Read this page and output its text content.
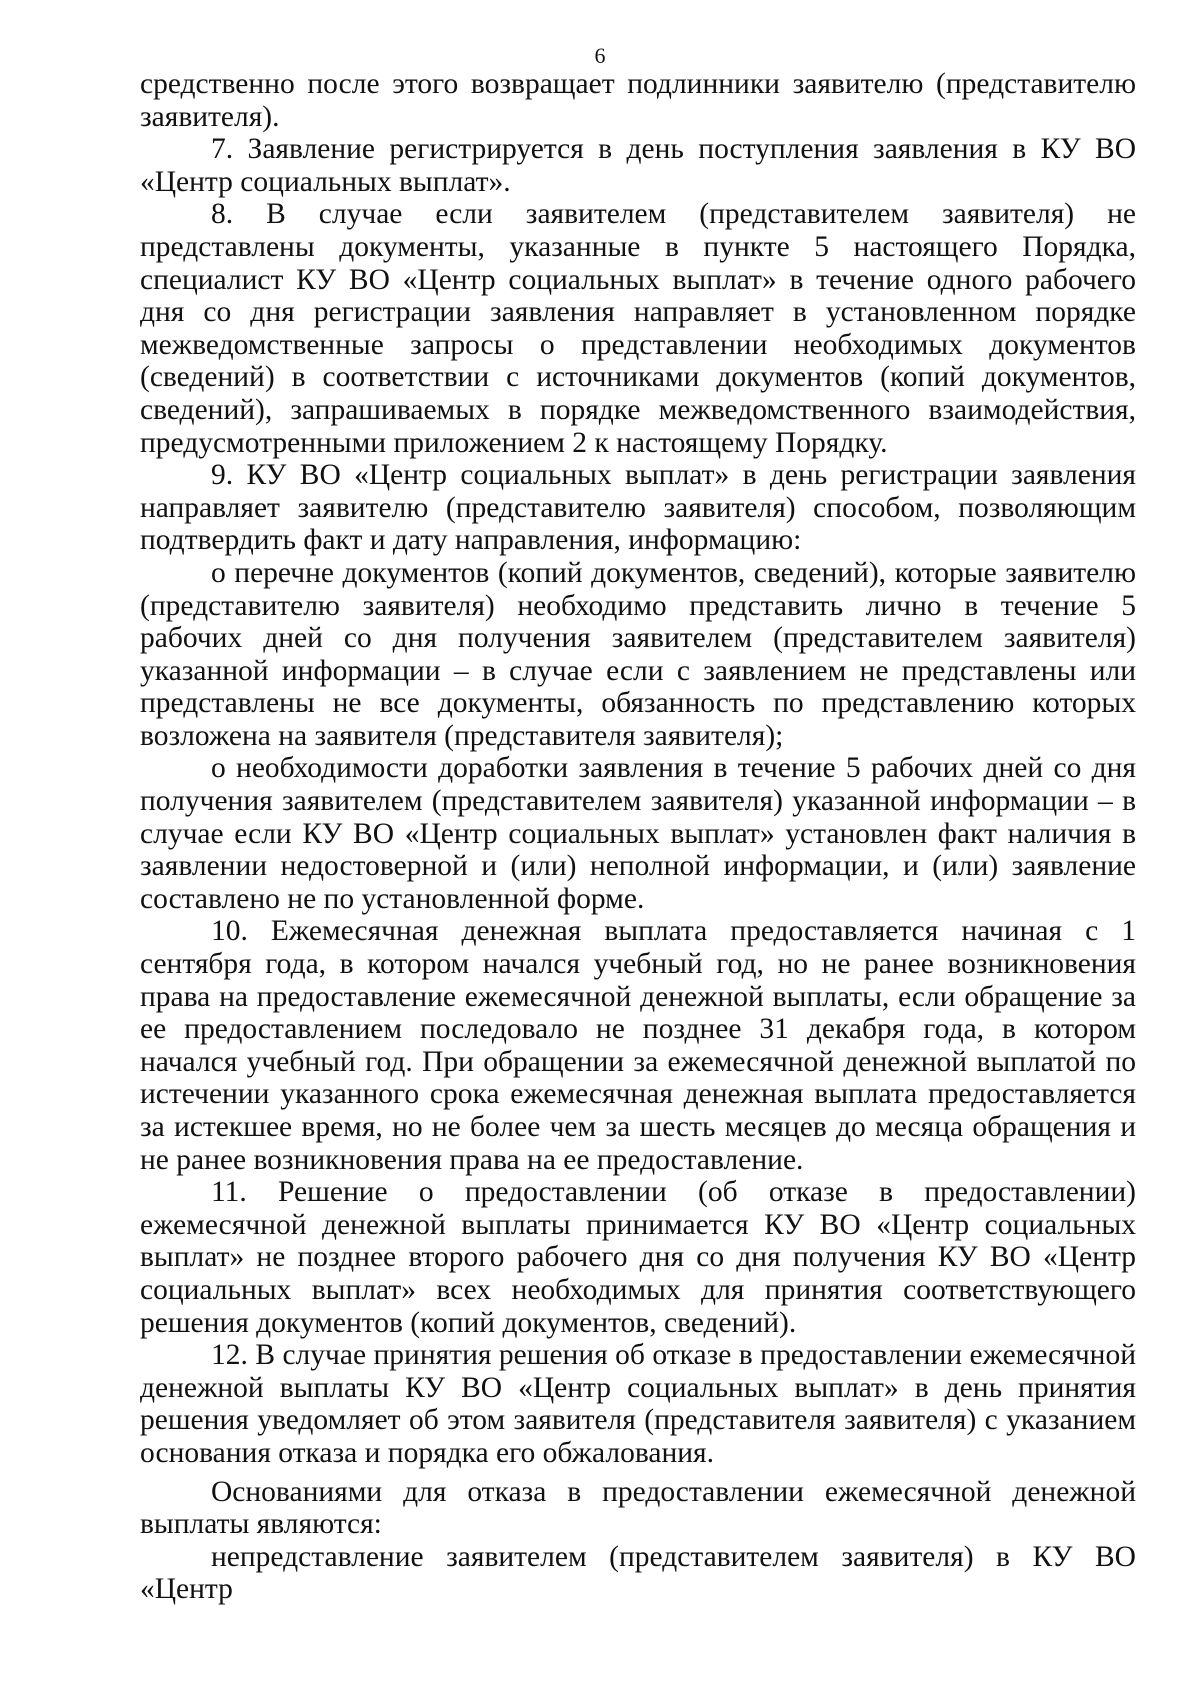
6

средственно после этого возвращает подлинники заявителю (представителю заявителя).

7. Заявление регистрируется в день поступления заявления в КУ ВО «Центр социальных выплат».

8. В случае если заявителем (представителем заявителя) не представлены документы, указанные в пункте 5 настоящего Порядка, специалист КУ ВО «Центр социальных выплат» в течение одного рабочего дня со дня регистрации заявления направляет в установленном порядке межведомственные запросы о представлении необходимых документов (сведений) в соответствии с источниками документов (копий документов, сведений), запрашиваемых в порядке межведомственного взаимодействия, предусмотренными приложением 2 к настоящему Порядку.

9. КУ ВО «Центр социальных выплат» в день регистрации заявления направляет заявителю (представителю заявителя) способом, позволяющим подтвердить факт и дату направления, информацию:

о перечне документов (копий документов, сведений), которые заявителю (представителю заявителя) необходимо представить лично в течение 5 рабочих дней со дня получения заявителем (представителем заявителя) указанной информации – в случае если с заявлением не представлены или представлены не все документы, обязанность по представлению которых возложена на заявителя (представителя заявителя);

о необходимости доработки заявления в течение 5 рабочих дней со дня получения заявителем (представителем заявителя) указанной информации – в случае если КУ ВО «Центр социальных выплат» установлен факт наличия в заявлении недостоверной и (или) неполной информации, и (или) заявление составлено не по установленной форме.

10. Ежемесячная денежная выплата предоставляется начиная с 1 сентября года, в котором начался учебный год, но не ранее возникновения права на предоставление ежемесячной денежной выплаты, если обращение за ее предоставлением последовало не позднее 31 декабря года, в котором начался учебный год. При обращении за ежемесячной денежной выплатой по истечении указанного срока ежемесячная денежная выплата предоставляется за истекшее время, но не более чем за шесть месяцев до месяца обращения и не ранее возникновения права на ее предоставление.

11. Решение о предоставлении (об отказе в предоставлении) ежемесячной денежной выплаты принимается КУ ВО «Центр социальных выплат» не позднее второго рабочего дня со дня получения КУ ВО «Центр социальных выплат» всех необходимых для принятия соответствующего решения документов (копий документов, сведений).

12. В случае принятия решения об отказе в предоставлении ежемесячной денежной выплаты КУ ВО «Центр социальных выплат» в день принятия решения уведомляет об этом заявителя (представителя заявителя) с указанием основания отказа и порядка его обжалования.

Основаниями для отказа в предоставлении ежемесячной денежной выплаты являются:

непредставление заявителем (представителем заявителя) в КУ ВО «Центр
